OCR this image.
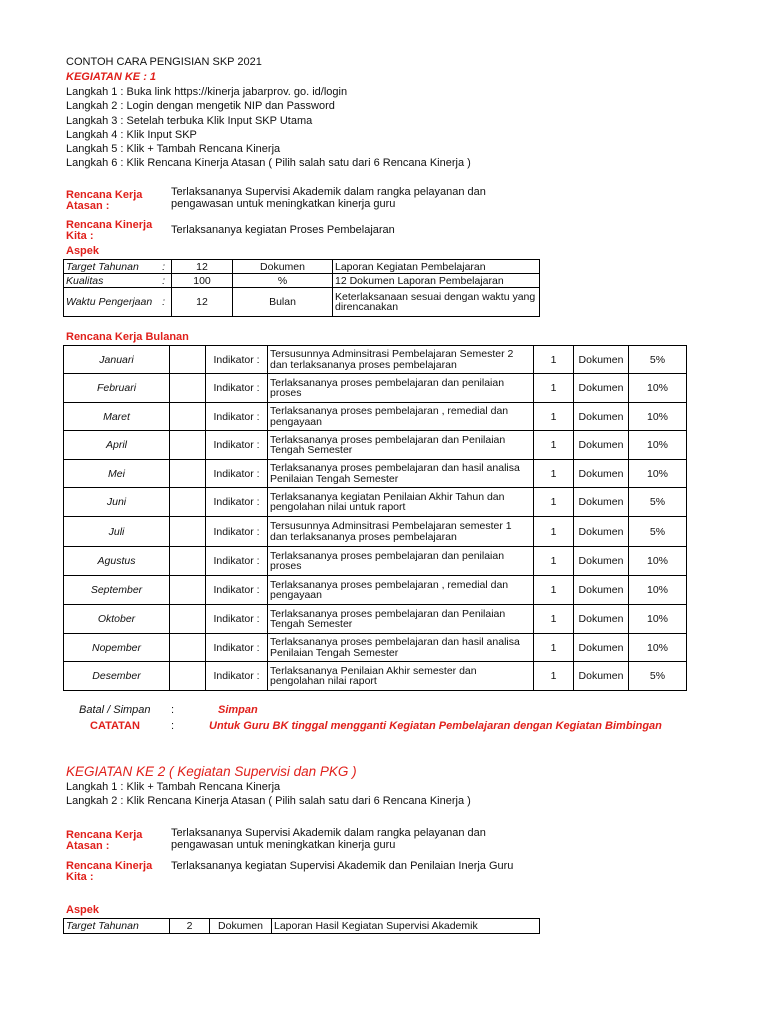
CONTOH CARA PENGISIAN SKP 2021
KEGIATAN KE : 1
Langkah 1 : Buka link https://kinerja jabarprov. go. id/login
Langkah 2 : Login dengan mengetik NIP dan Password
Langkah 3 : Setelah terbuka Klik Input SKP Utama
Langkah 4 : Klik Input SKP
Langkah 5 : Klik + Tambah Rencana Kinerja
Langkah 6 : Klik Rencana Kinerja Atasan ( Pilih salah satu dari 6 Rencana Kinerja )
Rencana Kerja Atasan :
Terlaksananya Supervisi Akademik dalam rangka pelayanan dan pengawasan untuk meningkatkan kinerja guru
Rencana Kinerja Kita :	Terlaksananya kegiatan Proses Pembelajaran
Aspek
Target Tahunan :	12	Dokumen	Laporan Kegiatan Pembelajaran
Kualitas :	100	%	12 Dokumen Laporan Pembelajaran
Waktu Pengerjaan :	12	Bulan	Keterlaksanaan sesuai dengan waktu yang direncanakan
Rencana Kerja Bulanan
Januari		Indikator :	Tersusunnya Adminsitrasi Pembelajaran Semester 2 dan terlaksananya proses pembelajaran	1	Dokumen	5%
Februari		Indikator :	Terlaksananya proses pembelajaran dan penilaian proses	1	Dokumen	10%
Maret		Indikator :	Terlaksananya proses pembelajaran , remedial dan pengayaan	1	Dokumen	10%
April		Indikator :	Terlaksananya proses pembelajaran dan Penilaian Tengah Semester	1	Dokumen	10%
Mei		Indikator :	Terlaksananya proses pembelajaran dan hasil analisa Penilaian Tengah Semester	1	Dokumen	10%
Juni		Indikator :	Terlaksananya kegiatan Penilaian Akhir Tahun dan pengolahan nilai untuk raport	1	Dokumen	5%
Juli		Indikator :	Tersusunnya Adminsitrasi Pembelajaran semester 1 dan terlaksananya proses pembelajaran	1	Dokumen	5%
Agustus		Indikator :	Terlaksananya proses pembelajaran dan penilaian proses	1	Dokumen	10%
September		Indikator :	Terlaksananya proses pembelajaran , remedial dan pengayaan	1	Dokumen	10%
Oktober		Indikator :	Terlaksananya proses pembelajaran dan Penilaian Tengah Semester	1	Dokumen	10%
Nopember		Indikator :	Terlaksananya proses pembelajaran dan hasil analisa Penilaian Tengah Semester	1	Dokumen	10%
Desember		Indikator :	Terlaksananya Penilaian Akhir semester dan pengolahan nilai raport	1	Dokumen	5%
Batal / Simpan :	Simpan
CATATAN	:	Untuk Guru BK tinggal mengganti Kegiatan Pembelajaran dengan Kegiatan Bimbingan
KEGIATAN KE 2 ( Kegiatan Supervisi dan PKG )
Langkah 1 : Klik + Tambah Rencana Kinerja
Langkah 2 : Klik Rencana Kinerja Atasan ( Pilih salah satu dari 6 Rencana Kinerja )
Rencana Kerja Atasan :
Terlaksananya Supervisi Akademik dalam rangka pelayanan dan pengawasan untuk meningkatkan kinerja guru
Rencana Kinerja Kita :
Terlaksananya kegiatan Supervisi Akademik dan Penilaian Inerja Guru
Aspek
Target Tahunan	2	Dokumen	Laporan Hasil Kegiatan Supervisi Akademik
